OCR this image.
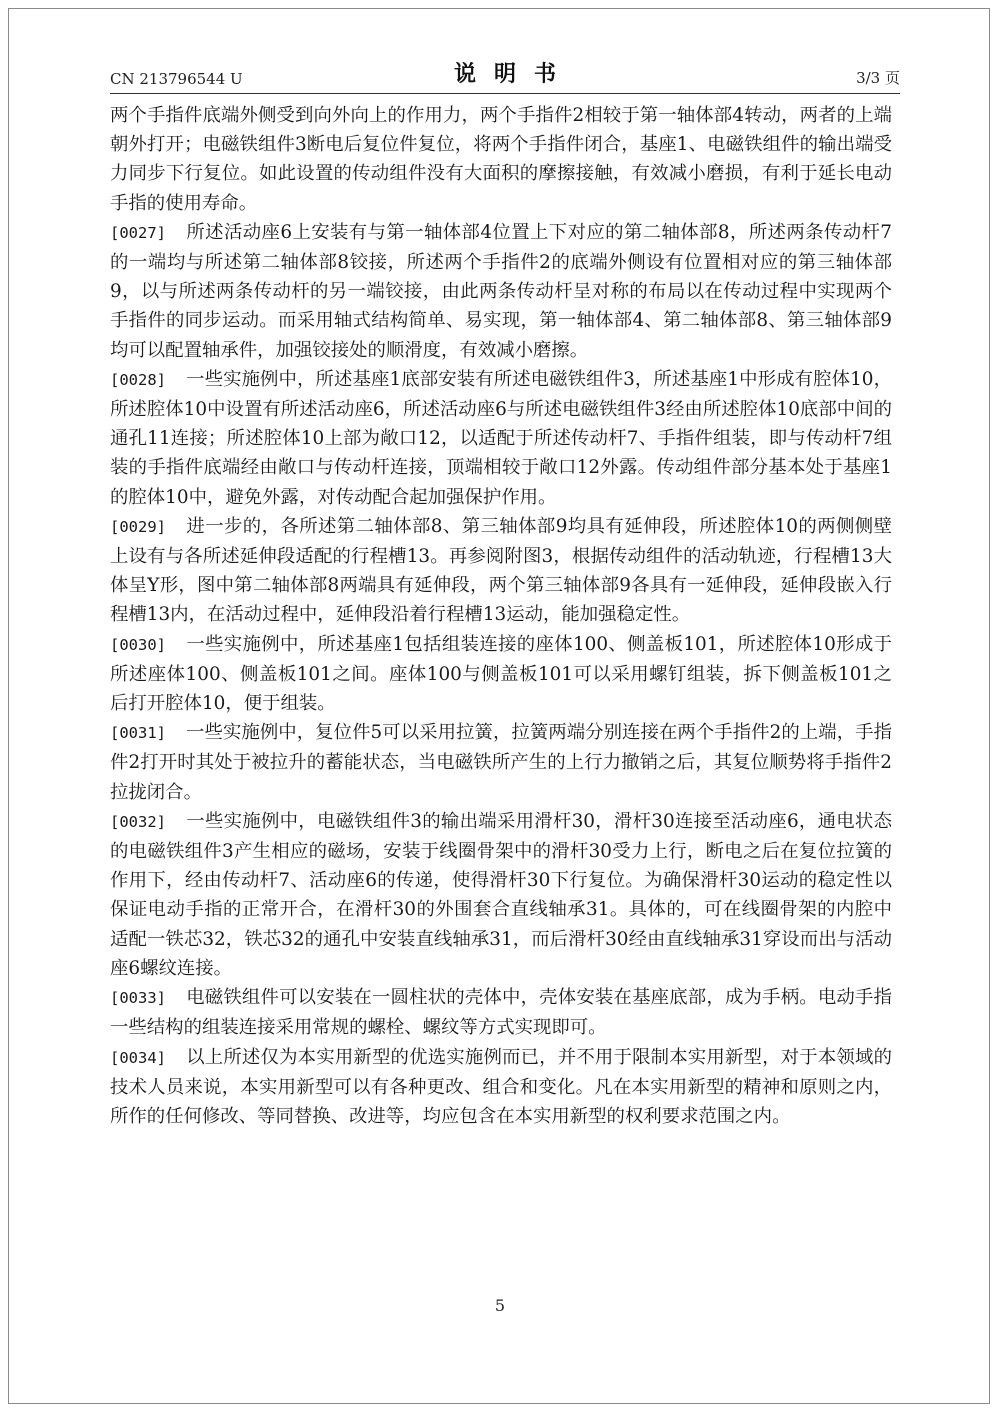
CN 213796544 U	说明书	3/3 页

两个手指件底端外侧受到向外向上的作用力，两个手指件2相较于第一轴体部4转动，两者的上端朝外打开；电磁铁组件3断电后复位件复位，将两个手指件闭合，基座1、电磁铁组件的输出端受力同步下行复位。如此设置的传动组件没有大面积的摩擦接触，有效减小磨损，有利于延长电动手指的使用寿命。

[0027] 所述活动座6上安装有与第一轴体部4位置上下对应的第二轴体部8，所述两条传动杆7的一端均与所述第二轴体部8铰接，所述两个手指件2的底端外侧设有位置相对应的第三轴体部9，以与所述两条传动杆的另一端铰接，由此两条传动杆呈对称的布局以在传动过程中实现两个手指件的同步运动。而采用轴式结构简单、易实现，第一轴体部4、第二轴体部8、第三轴体部9均可以配置轴承件，加强铰接处的顺滑度，有效减小磨擦。

[0028] 一些实施例中，所述基座1底部安装有所述电磁铁组件3，所述基座1中形成有腔体10，所述腔体10中设置有所述活动座6，所述活动座6与所述电磁铁组件3经由所述腔体10底部中间的通孔11连接；所述腔体10上部为敞口12，以适配于所述传动杆7、手指件组装，即与传动杆7组装的手指件底端经由敞口与传动杆连接，顶端相较于敞口12外露。传动组件部分基本处于基座1的腔体10中，避免外露，对传动配合起加强保护作用。

[0029] 进一步的，各所述第二轴体部8、第三轴体部9均具有延伸段，所述腔体10的两侧侧壁上设有与各所述延伸段适配的行程槽13。再参阅附图3，根据传动组件的活动轨迹，行程槽13大体呈Y形，图中第二轴体部8两端具有延伸段，两个第三轴体部9各具有一延伸段，延伸段嵌入行程槽13内，在活动过程中，延伸段沿着行程槽13运动，能加强稳定性。

[0030] 一些实施例中，所述基座1包括组装连接的座体100、侧盖板101，所述腔体10形成于所述座体100、侧盖板101之间。座体100与侧盖板101可以采用螺钉组装，拆下侧盖板101之后打开腔体10，便于组装。

[0031] 一些实施例中，复位件5可以采用拉簧，拉簧两端分别连接在两个手指件2的上端，手指件2打开时其处于被拉升的蓄能状态，当电磁铁所产生的上行力撤销之后，其复位顺势将手指件2拉拢闭合。

[0032] 一些实施例中，电磁铁组件3的输出端采用滑杆30，滑杆30连接至活动座6，通电状态的电磁铁组件3产生相应的磁场，安装于线圈骨架中的滑杆30受力上行，断电之后在复位拉簧的作用下，经由传动杆7、活动座6的传递，使得滑杆30下行复位。为确保滑杆30运动的稳定性以保证电动手指的正常开合，在滑杆30的外围套合直线轴承31。具体的，可在线圈骨架的内腔中适配一铁芯32，铁芯32的通孔中安装直线轴承31，而后滑杆30经由直线轴承31穿设而出与活动座6螺纹连接。

[0033] 电磁铁组件可以安装在一圆柱状的壳体中，壳体安装在基座底部，成为手柄。电动手指一些结构的组装连接采用常规的螺栓、螺纹等方式实现即可。

[0034] 以上所述仅为本实用新型的优选实施例而已，并不用于限制本实用新型，对于本领域的技术人员来说，本实用新型可以有各种更改、组合和变化。凡在本实用新型的精神和原则之内，所作的任何修改、等同替换、改进等，均应包含在本实用新型的权利要求范围之内。

5
